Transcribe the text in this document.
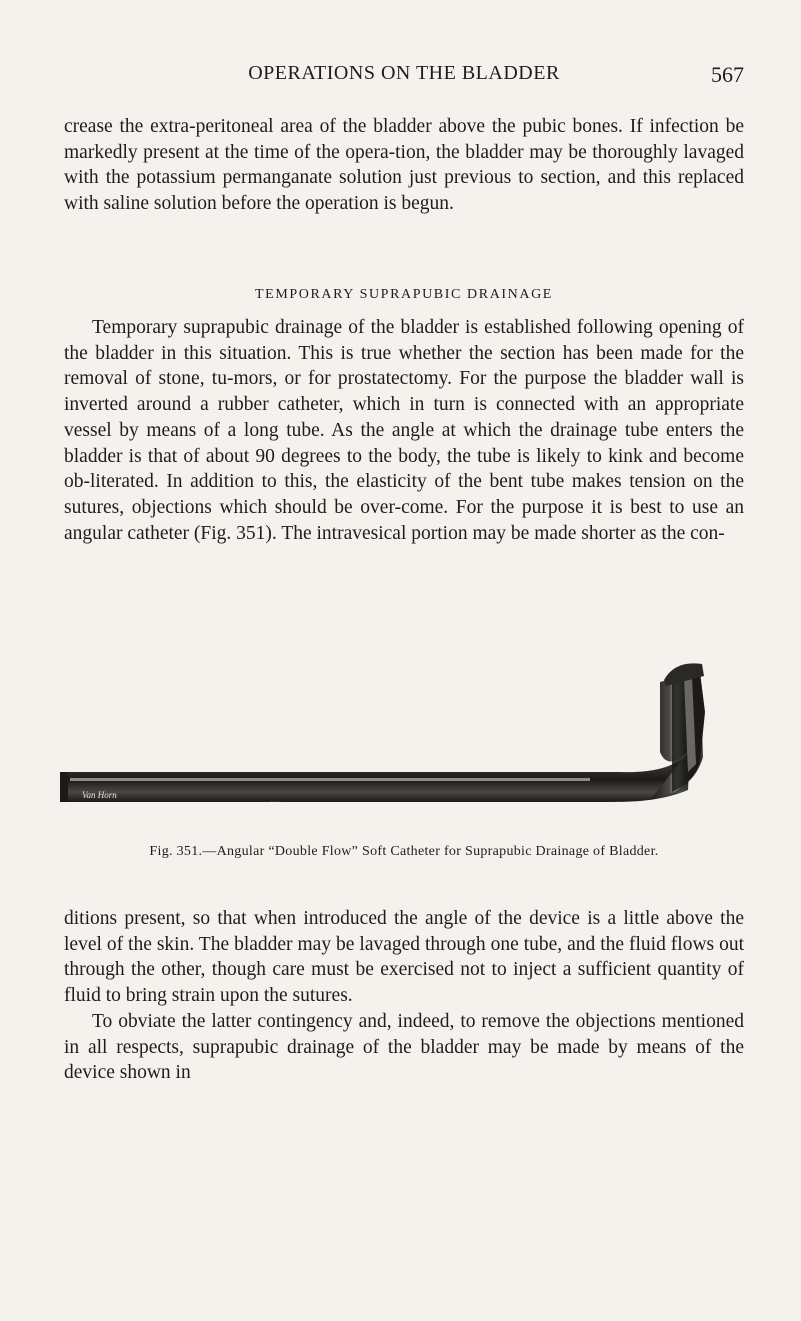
OPERATIONS ON THE BLADDER	567

crease the extra-peritoneal area of the bladder above the pubic bones. If infection be markedly present at the time of the opera-tion, the bladder may be thoroughly lavaged with the potassium permanganate solution just previous to section, and this replaced with saline solution before the operation is begun.

TEMPORARY SUPRAPUBIC DRAINAGE

Temporary suprapubic drainage of the bladder is established following opening of the bladder in this situation. This is true whether the section has been made for the removal of stone, tu-mors, or for prostatectomy. For the purpose the bladder wall is inverted around a rubber catheter, which in turn is connected with an appropriate vessel by means of a long tube. As the angle at which the drainage tube enters the bladder is that of about 90 degrees to the body, the tube is likely to kink and become ob-literated. In addition to this, the elasticity of the bent tube makes tension on the sutures, objections which should be over-come. For the purpose it is best to use an angular catheter (Fig. 351). The intravesical portion may be made shorter as the con-

Van Horn
Fig. 351.—Angular “Double Flow” Soft Catheter for Suprapubic Drainage of Bladder.

ditions present, so that when introduced the angle of the device is a little above the level of the skin. The bladder may be lavaged through one tube, and the fluid flows out through the other, though care must be exercised not to inject a sufficient quantity of fluid to bring strain upon the sutures.

To obviate the latter contingency and, indeed, to remove the objections mentioned in all respects, suprapubic drainage of the bladder may be made by means of the device shown in
